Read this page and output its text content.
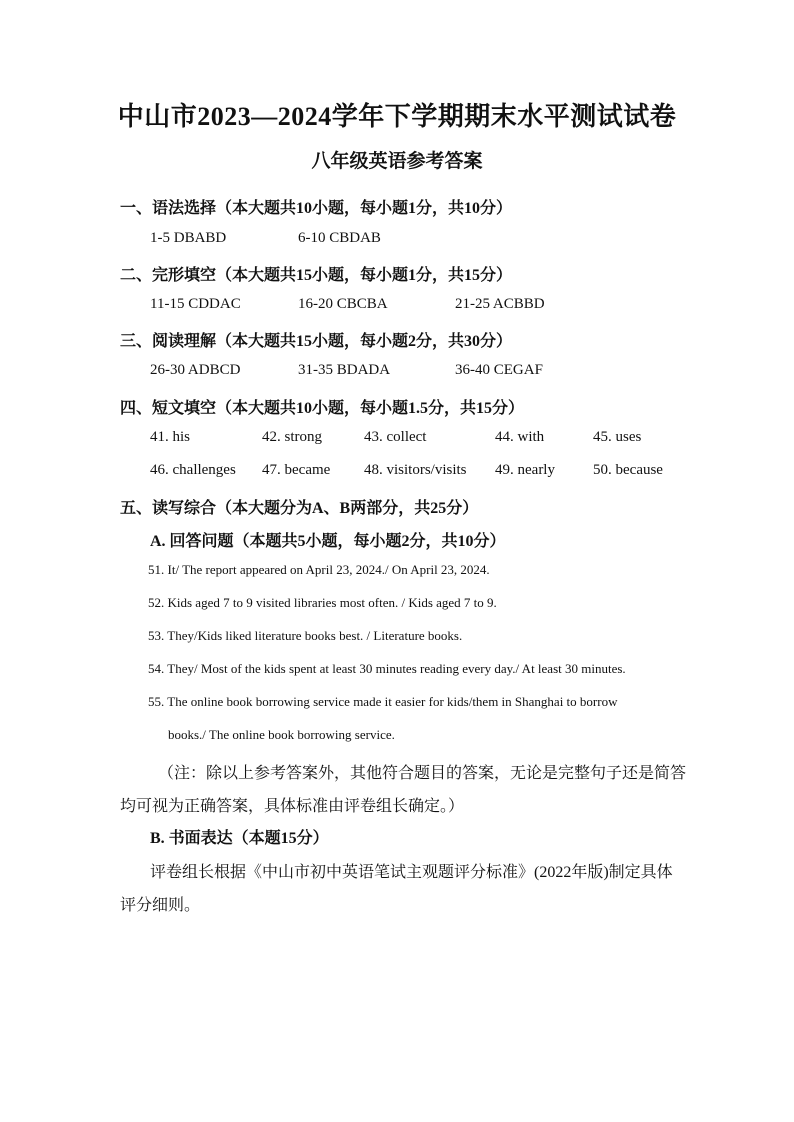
中山市2023—2024学年下学期期末水平测试试卷
八年级英语参考答案
一、语法选择（本大题共10小题，每小题1分，共10分）
1-5 DBABD	6-10 CBDAB
二、完形填空（本大题共15小题，每小题1分，共15分）
11-15 CDDAC	16-20 CBCBA	21-25 ACBBD
三、阅读理解（本大题共15小题，每小题2分，共30分）
26-30 ADBCD	31-35 BDADA	36-40 CEGAF
四、短文填空（本大题共10小题，每小题1.5分，共15分）
41. his	42. strong	43. collect	44. with	45. uses
46. challenges 47. became 48. visitors/visits 49. nearly	50. because
五、读写综合（本大题分为A、B两部分，共25分）
A. 回答问题（本题共5小题，每小题2分，共10分）
51. It/ The report appeared on April 23, 2024./ On April 23, 2024.
52. Kids aged 7 to 9 visited libraries most often. / Kids aged 7 to 9.
53. They/Kids liked literature books best. / Literature books.
54. They/ Most of the kids spent at least 30 minutes reading every day./ At least 30 minutes.
55. The online book borrowing service made it easier for kids/them in Shanghai to borrow
books./ The online book borrowing service.
（注：除以上参考答案外，其他符合题目的答案，无论是完整句子还是简答
均可视为正确答案，具体标准由评卷组长确定。）
B. 书面表达（本题15分）
评卷组长根据《中山市初中英语笔试主观题评分标准》(2022年版)制定具体
评分细则。
